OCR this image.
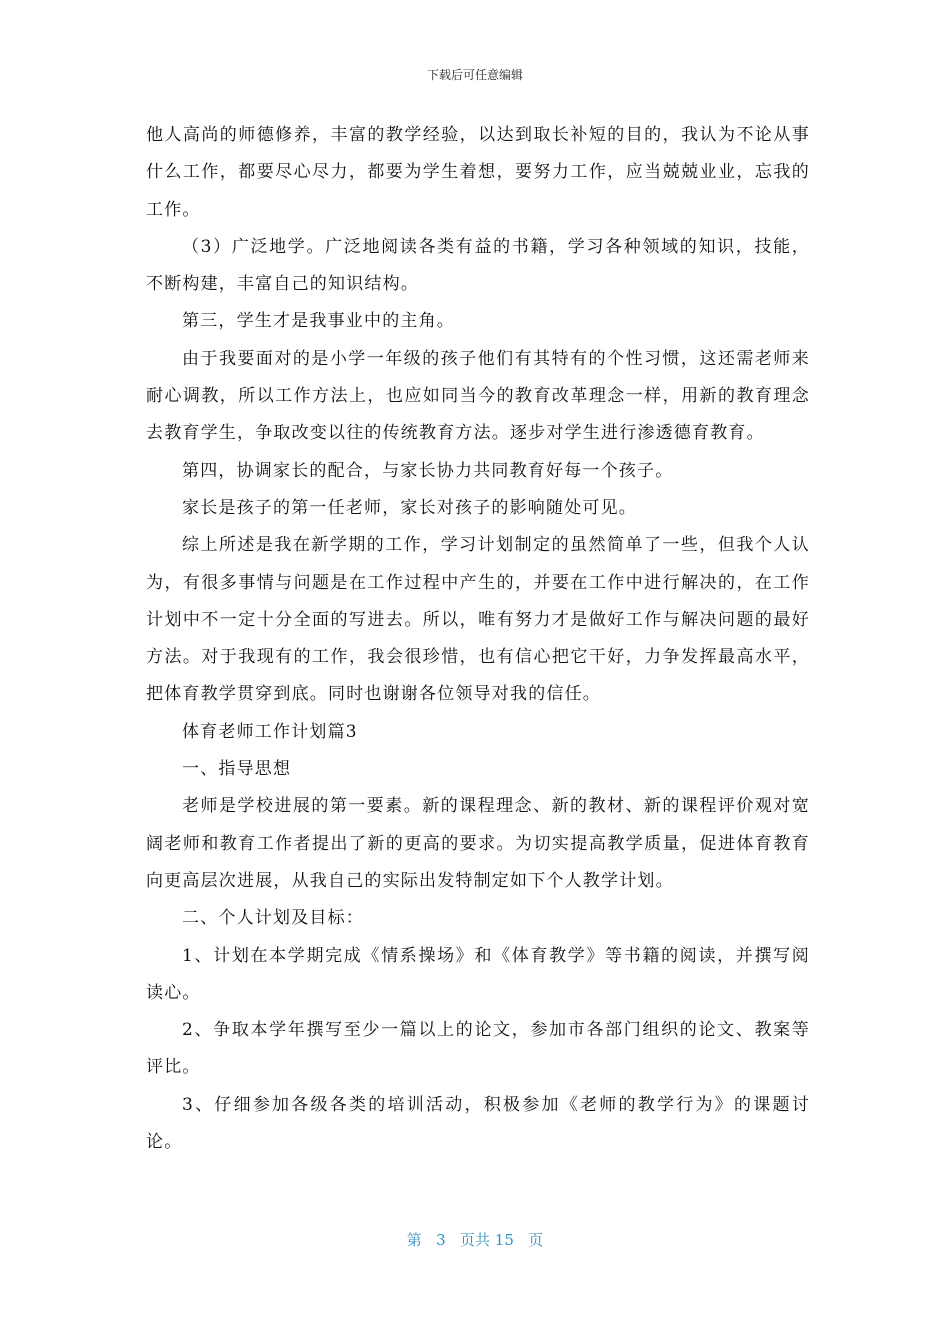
下载后可任意编辑

他人高尚的师德修养，丰富的教学经验，以达到取长补短的目的，我认为不论从事什么工作，都要尽心尽力，都要为学生着想，要努力工作，应当兢兢业业，忘我的工作。

（3）广泛地学。广泛地阅读各类有益的书籍，学习各种领域的知识，技能，不断构建，丰富自己的知识结构。

第三，学生才是我事业中的主角。

由于我要面对的是小学一年级的孩子他们有其特有的个性习惯，这还需老师来耐心调教，所以工作方法上，也应如同当今的教育改革理念一样，用新的教育理念去教育学生，争取改变以往的传统教育方法。逐步对学生进行渗透德育教育。

第四，协调家长的配合，与家长协力共同教育好每一个孩子。

家长是孩子的第一任老师，家长对孩子的影响随处可见。

综上所述是我在新学期的工作，学习计划制定的虽然简单了一些，但我个人认为，有很多事情与问题是在工作过程中产生的，并要在工作中进行解决的，在工作计划中不一定十分全面的写进去。所以，唯有努力才是做好工作与解决问题的最好方法。对于我现有的工作，我会很珍惜，也有信心把它干好，力争发挥最高水平，把体育教学贯穿到底。同时也谢谢各位领导对我的信任。

体育老师工作计划篇3

一、指导思想

老师是学校进展的第一要素。新的课程理念、新的教材、新的课程评价观对宽阔老师和教育工作者提出了新的更高的要求。为切实提高教学质量，促进体育教育向更高层次进展，从我自己的实际出发特制定如下个人教学计划。

二、个人计划及目标：

1、计划在本学期完成《情系操场》和《体育教学》等书籍的阅读，并撰写阅读心。

2、争取本学年撰写至少一篇以上的论文，参加市各部门组织的论文、教案等评比。

3、仔细参加各级各类的培训活动，积极参加《老师的教学行为》的课题讨论。

第 3 页共 15 页
